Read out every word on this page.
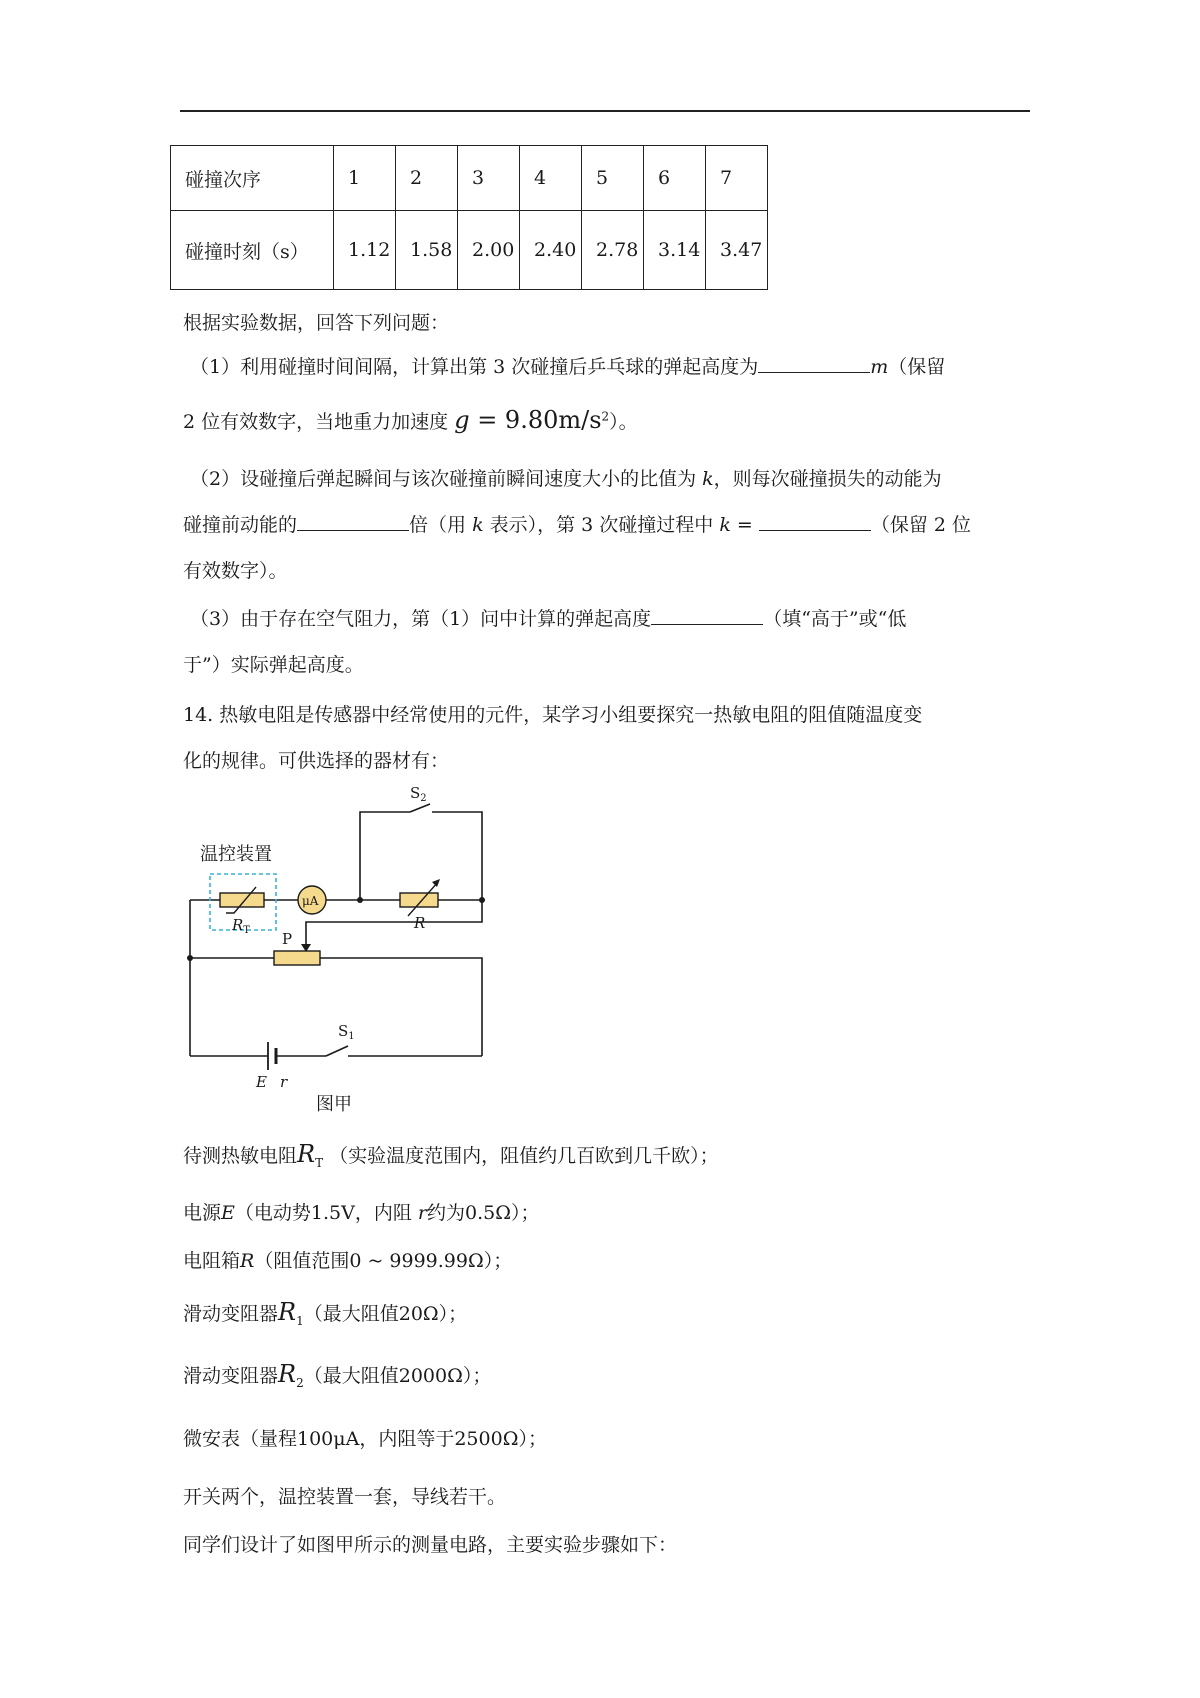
碰撞次序	1	2	3	4	5	6	7
碰撞时刻（s）	1.12	1.58	2.00	2.40	2.78	3.14	3.47
根据实验数据，回答下列问题：
（1）利用碰撞时间间隔，计算出第 3 次碰撞后乒乓球的弹起高度为	m（保留
2 位有效数字，当地重力加速度 $g = 9.80m/s^2$）。
（2）设碰撞后弹起瞬间与该次碰撞前瞬间速度大小的比值为 k，则每次碰撞损失的动能为
碰撞前动能的	倍（用 k 表示），第 3 次碰撞过程中 k =	（保留 2 位
有效数字）。
（3）由于存在空气阻力，第（1）问中计算的弹起高度	（填“高于”或“低
于”）实际弹起高度。
14. 热敏电阻是传感器中经常使用的元件，某学习小组要探究一热敏电阻的阻值随温度变
化的规律。可供选择的器材有：
温控装置
$R_T$
μA
R
$S_2$
P
$S_1$
E r
图甲
待测热敏电阻$R_T$ （实验温度范围内，阻值约几百欧到几千欧）；
电源E（电动势1.5V，内阻 r约为0.5Ω）；
电阻箱R（阻值范围0 ~ 9999.99Ω）；
滑动变阻器$R_1$（最大阻值20Ω）；
滑动变阻器$R_2$（最大阻值2000Ω）；
微安表（量程100μA，内阻等于2500Ω）；
开关两个，温控装置一套，导线若干。
同学们设计了如图甲所示的测量电路，主要实验步骤如下：
